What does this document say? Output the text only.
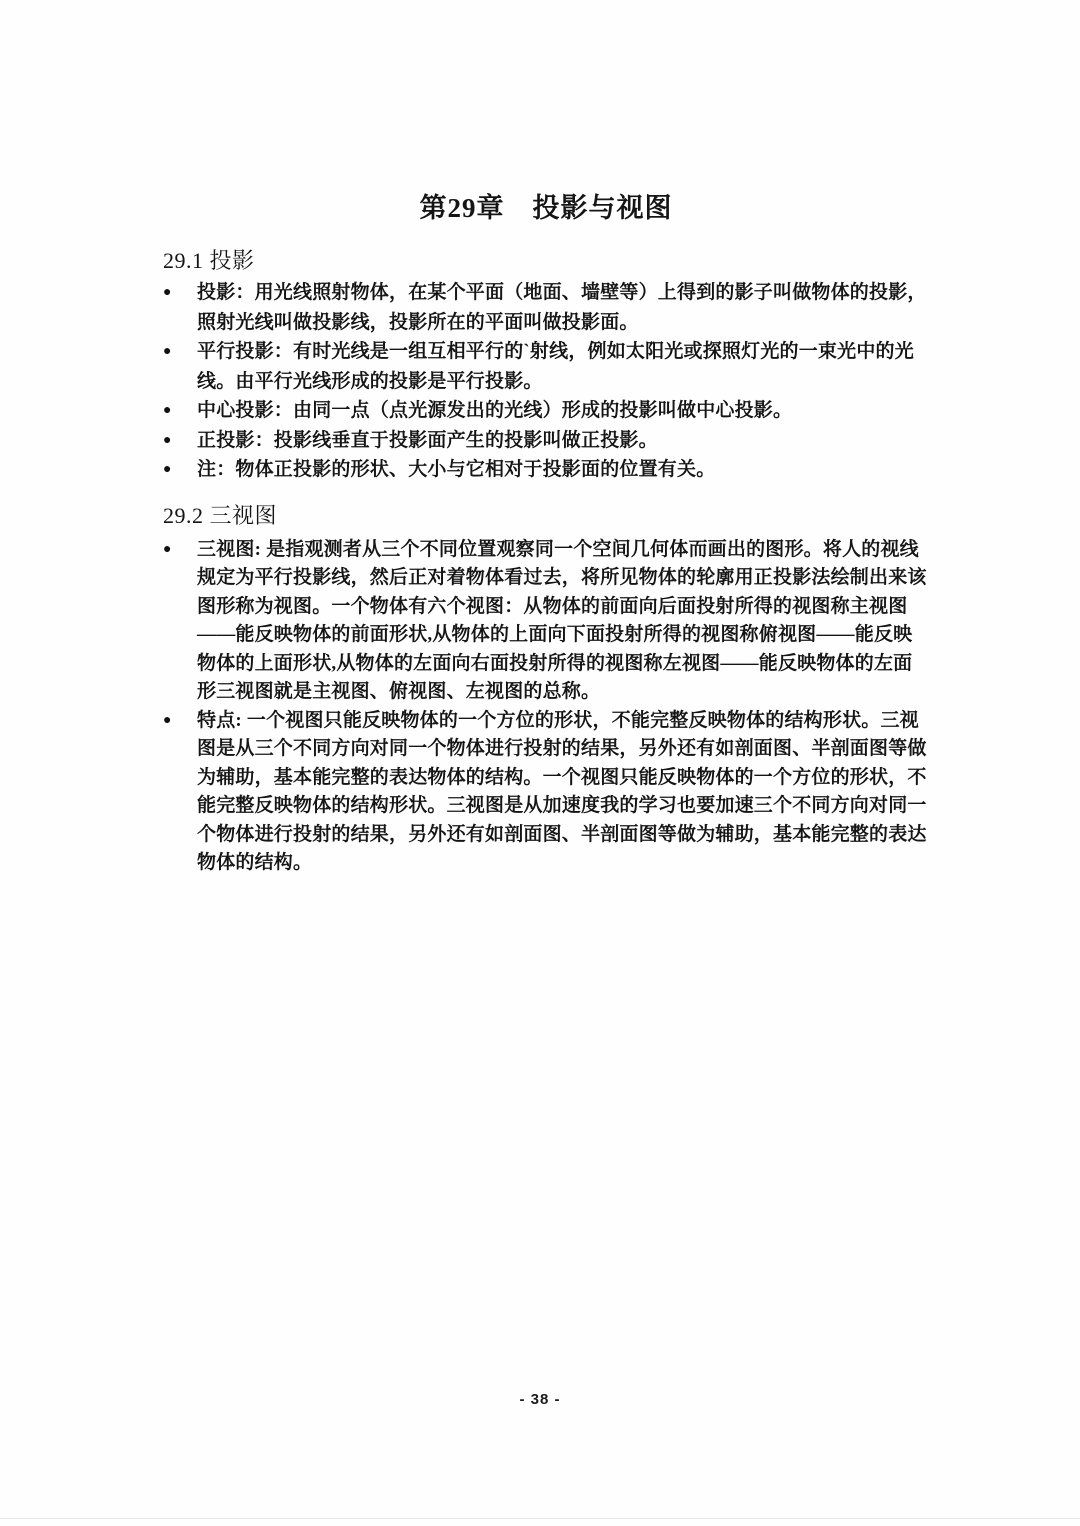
第29章　投影与视图
29.1 投影
●	投影：用光线照射物体，在某个平面（地面、墙壁等）上得到的影子叫做物体的投影，
照射光线叫做投影线，投影所在的平面叫做投影面。
●	平行投影：有时光线是一组互相平行的`射线，例如太阳光或探照灯光的一束光中的光
线。由平行光线形成的投影是平行投影。
●	中心投影：由同一点（点光源发出的光线）形成的投影叫做中心投影。
●	正投影：投影线垂直于投影面产生的投影叫做正投影。
●	注：物体正投影的形状、大小与它相对于投影面的位置有关。
29.2 三视图
●	三视图: 是指观测者从三个不同位置观察同一个空间几何体而画出的图形。将人的视线
规定为平行投影线，然后正对着物体看过去，将所见物体的轮廓用正投影法绘制出来该
图形称为视图。一个物体有六个视图：从物体的前面向后面投射所得的视图称主视图
——能反映物体的前面形状,从物体的上面向下面投射所得的视图称俯视图——能反映
物体的上面形状,从物体的左面向右面投射所得的视图称左视图——能反映物体的左面
形三视图就是主视图、俯视图、左视图的总称。
●	特点: 一个视图只能反映物体的一个方位的形状，不能完整反映物体的结构形状。三视
图是从三个不同方向对同一个物体进行投射的结果，另外还有如剖面图、半剖面图等做
为辅助，基本能完整的表达物体的结构。一个视图只能反映物体的一个方位的形状，不
能完整反映物体的结构形状。三视图是从加速度我的学习也要加速三个不同方向对同一
个物体进行投射的结果，另外还有如剖面图、半剖面图等做为辅助，基本能完整的表达
物体的结构。
- 38 -
